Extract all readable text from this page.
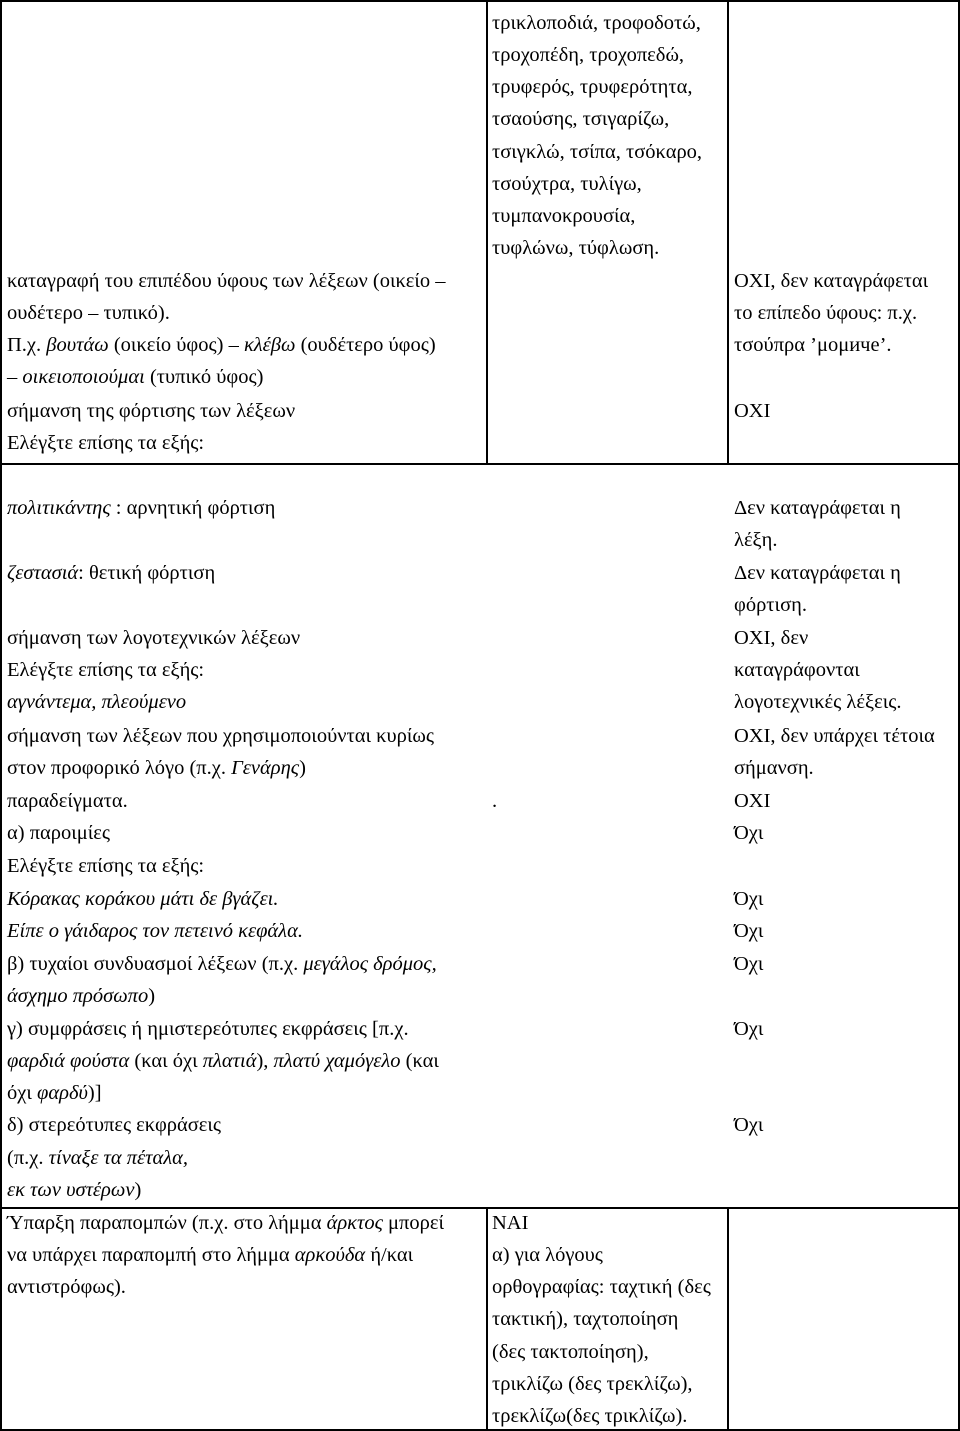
τρικλοποδιά, τροφοδοτώ,
τροχοπέδη, τροχοπεδώ,
τρυφερός, τρυφερότητα,
τσαούσης, τσιγαρίζω,
τσιγκλώ, τσίπα, τσόκαρο,
τσούχτρα, τυλίγω,
τυμπανοκρουσία,
τυφλώνω, τύφλωση.
καταγραφή του επιπέδου ύφους των λέξεων (οικείο –
ουδέτερο – τυπικό).
Π.χ. βουτάω (οικείο ύφος) – κλέβω (ουδέτερο ύφος)
– οικειοποιούμαι (τυπικό ύφος)
σήμανση της φόρτισης των λέξεων
Ελέγξτε επίσης τα εξής:
ΟΧΙ, δεν καταγράφεται
το επίπεδο ύφους: π.χ.
τσούπρα ’μομиче’.
ΟΧΙ
πολιτικάντης : αρνητική φόρτιση
ζεστασιά: θετική φόρτιση
σήμανση των λογοτεχνικών λέξεων
Ελέγξτε επίσης τα εξής:
αγνάντεμα, πλεούμενο
σήμανση των λέξεων που χρησιμοποιούνται κυρίως
στον προφορικό λόγο (π.χ. Γενάρης)
παραδείγματα.
α) παροιμίες
Ελέγξτε επίσης τα εξής:
Κόρακας κοράκου μάτι δε βγάζει.
Είπε ο γάιδαρος τον πετεινό κεφάλα.
β) τυχαίοι συνδυασμοί λέξεων (π.χ. μεγάλος δρόμος,
άσχημο πρόσωπο)
γ) συμφράσεις ή ημιστερεότυπες εκφράσεις [π.χ.
φαρδιά φούστα (και όχι πλατιά), πλατύ χαμόγελο (και
όχι φαρδύ)]
δ) στερεότυπες εκφράσεις
(π.χ. τίναξε τα πέταλα,
εκ των υστέρων)
.
Δεν καταγράφεται η
λέξη.
Δεν καταγράφεται η
φόρτιση.
ΟΧΙ, δεν
καταγράφονται
λογοτεχνικές λέξεις.
ΟΧΙ, δεν υπάρχει τέτοια
σήμανση.
ΟΧΙ
Όχι
Όχι
Όχι
Όχι
Όχι
Όχι
Ύπαρξη παραπομπών (π.χ. στο λήμμα άρκτος μπορεί
να υπάρχει παραπομπή στο λήμμα αρκούδα ή/και
αντιστρόφως).
ΝΑΙ
α) για λόγους
ορθογραφίας: ταχτική (δες
τακτική), ταχτοποίηση
(δες τακτοποίηση),
τρικλίζω (δες τρεκλίζω),
τρεκλίζω(δες τρικλίζω).
